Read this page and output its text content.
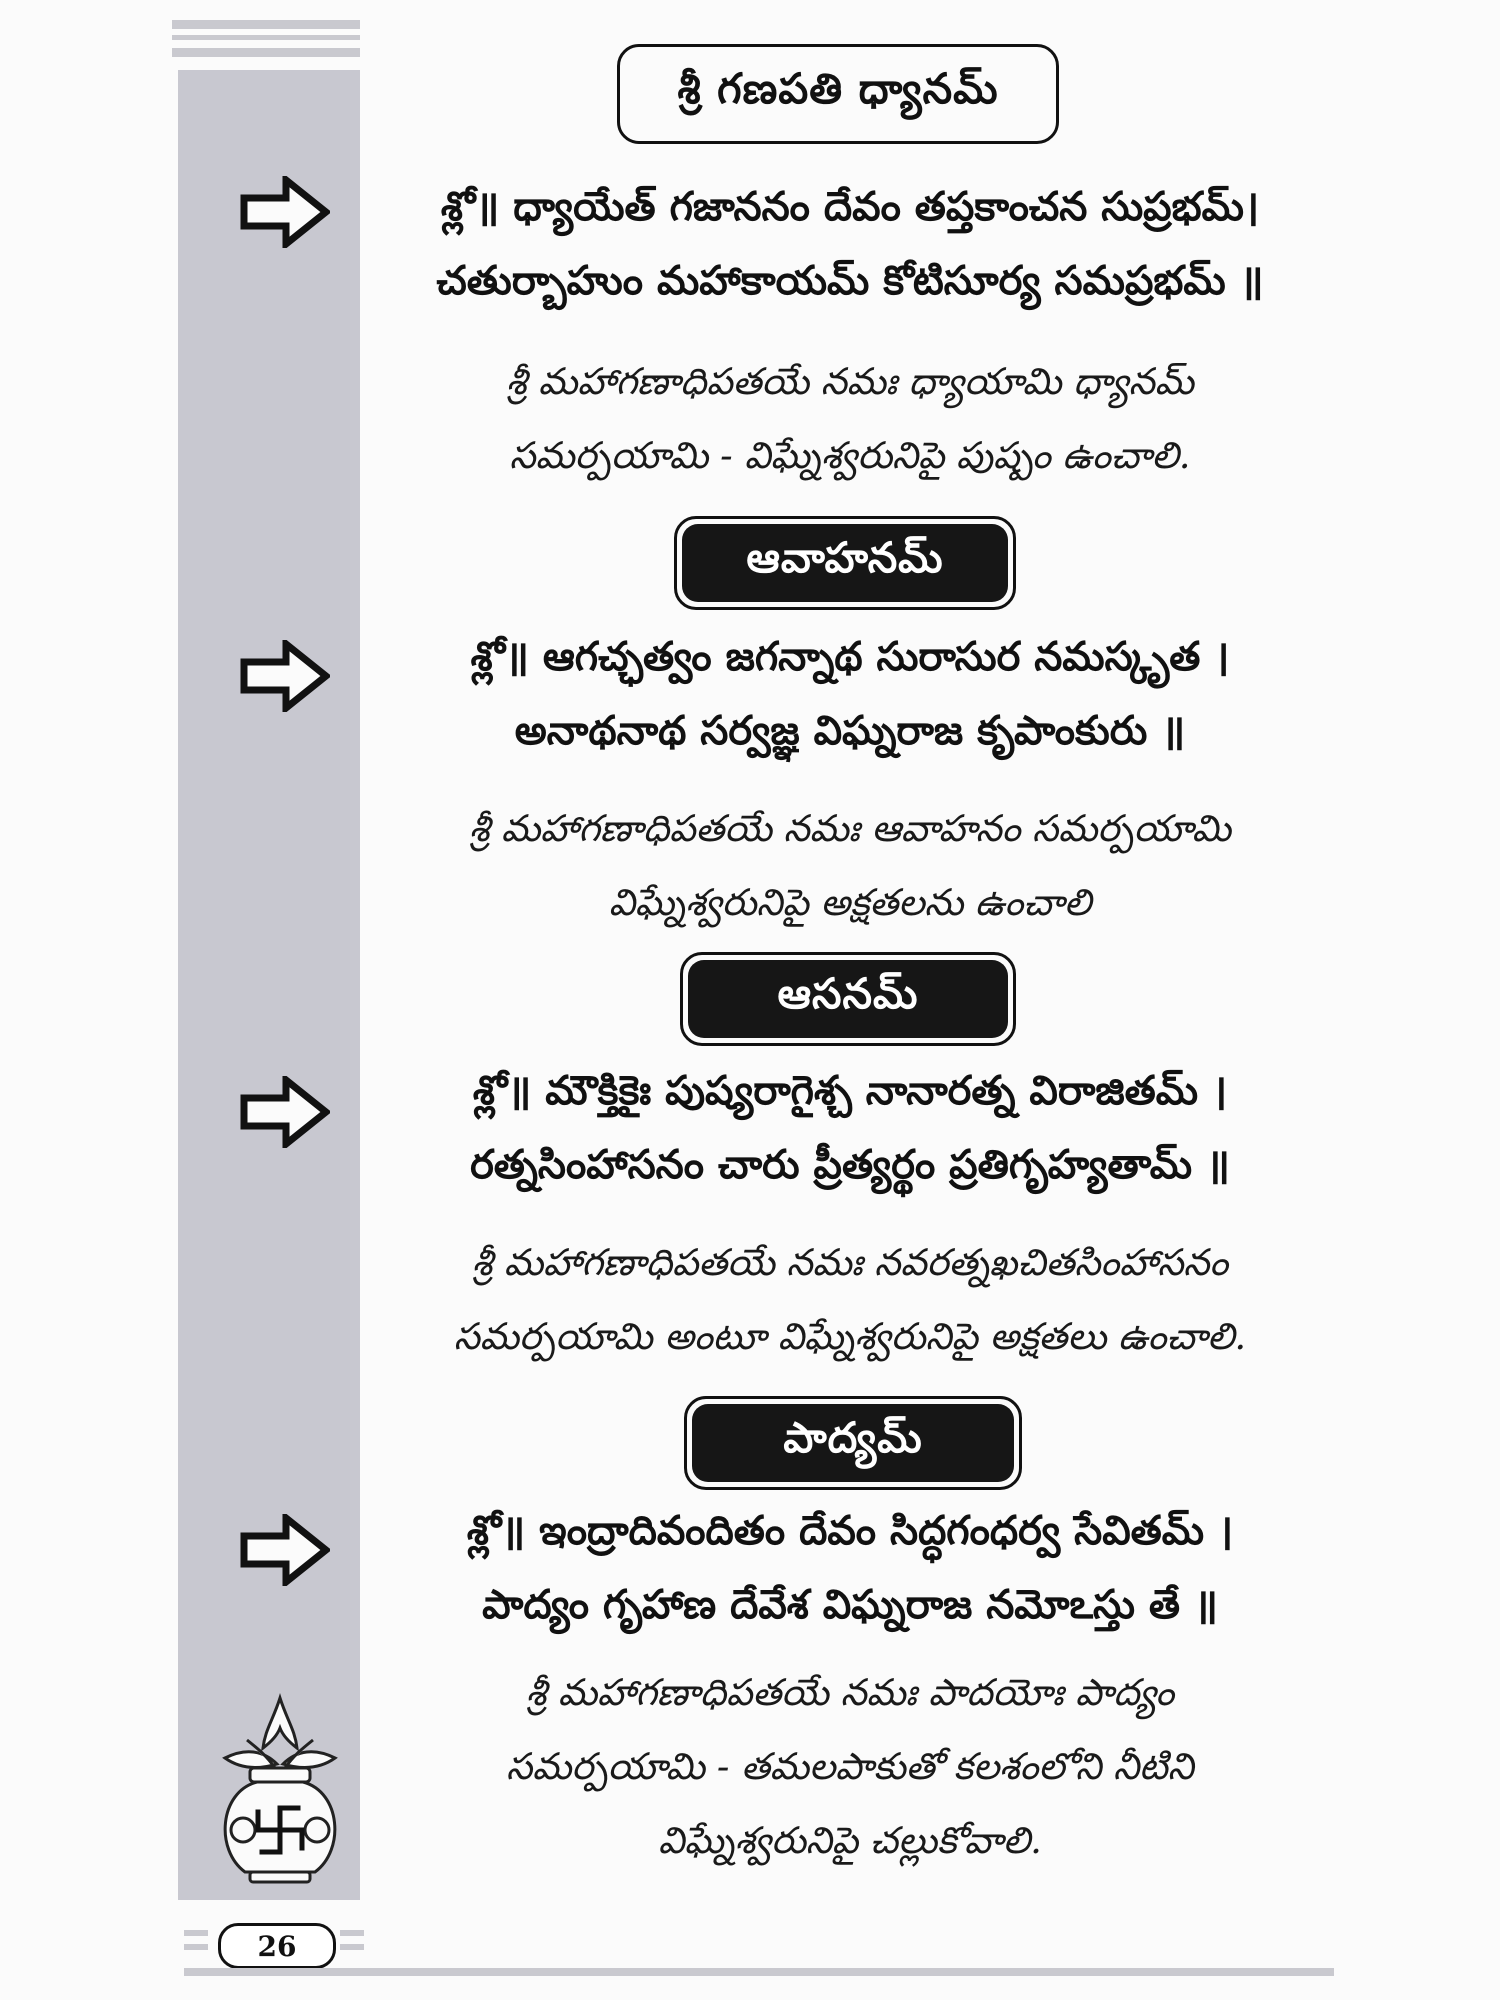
శ్రీ గణపతి ధ్యానమ్
శ్లో॥ ధ్యాయేత్ గజాననం దేవం తప్తకాంచన సుప్రభమ్।
చతుర్బాహుం మహాకాయమ్ కోటిసూర్య సమప్రభమ్ ॥
శ్రీ మహాగణాధిపతయే నమః ధ్యాయామి ధ్యానమ్
సమర్పయామి - విఘ్నేశ్వరునిపై పుష్పం ఉంచాలి.
ఆవాహనమ్
శ్లో॥ ఆగచ్ఛత్వం జగన్నాథ సురాసుర నమస్కృత ।
అనాథనాథ సర్వజ్ఞ విఘ్నరాజ కృపాంకురు ॥
శ్రీ మహాగణాధిపతయే నమః ఆవాహనం సమర్పయామి
విఘ్నేశ్వరునిపై అక్షతలను ఉంచాలి
ఆసనమ్
శ్లో॥ మౌక్తికైః పుష్యరాగైశ్చ నానారత్న విరాజితమ్ ।
రత్నసింహాసనం చారు ప్రీత్యర్థం ప్రతిగృహ్యతామ్ ॥
శ్రీ మహాగణాధిపతయే నమః నవరత్నఖచితసింహాసనం
సమర్పయామి అంటూ విఘ్నేశ్వరునిపై అక్షతలు ఉంచాలి.
పాద్యమ్
శ్లో॥ ఇంద్రాదివందితం దేవం సిద్ధగంధర్వ సేవితమ్ ।
పాద్యం గృహాణ దేవేశ విఘ్నరాజ నమోఽస్తు తే ॥
శ్రీ మహాగణాధిపతయే నమః పాదయోః పాద్యం
సమర్పయామి - తమలపాకుతో కలశంలోని నీటిని
విఘ్నేశ్వరునిపై చల్లుకోవాలి.
26
